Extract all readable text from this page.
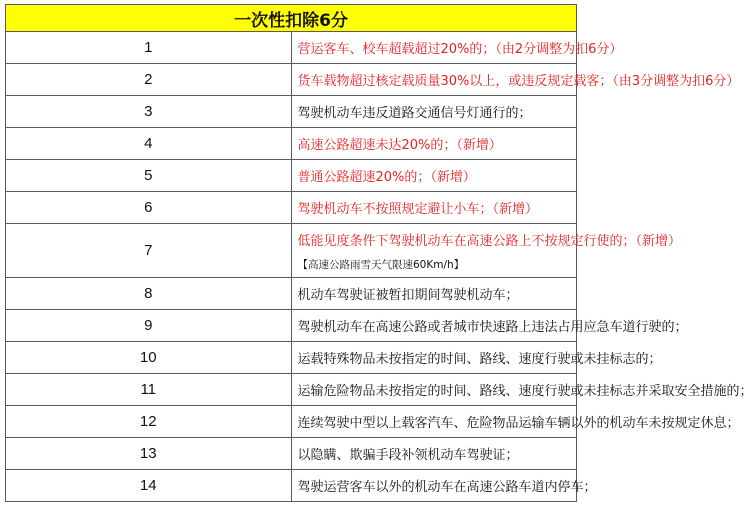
一次性扣除6分	
1	营运客车、校车超载超过20%的；（由2分调整为扣6分）
2	货车载物超过核定载质量30%以上，或违反规定载客；（由3分调整为扣6分）
3	驾驶机动车违反道路交通信号灯通行的；
4	高速公路超速未达20%的；（新增）
5	普通公路超速20%的；（新增）
6	驾驶机动车不按照规定避让小车；（新增）
7	低能见度条件下驾驶机动车在高速公路上不按规定行使的；（新增）
【高速公路雨雪天气限速60Km/h】

8	机动车驾驶证被暂扣期间驾驶机动车；
9	驾驶机动车在高速公路或者城市快速路上违法占用应急车道行驶的；
10	运载特殊物品未按指定的时间、路线、速度行驶或未挂标志的；
11	运输危险物品未按指定的时间、路线、速度行驶或未挂标志并采取安全措施的；
12	连续驾驶中型以上载客汽车、危险物品运输车辆以外的机动车未按规定休息；
13	以隐瞒、欺骗手段补领机动车驾驶证；
14	驾驶运营客车以外的机动车在高速公路车道内停车；
